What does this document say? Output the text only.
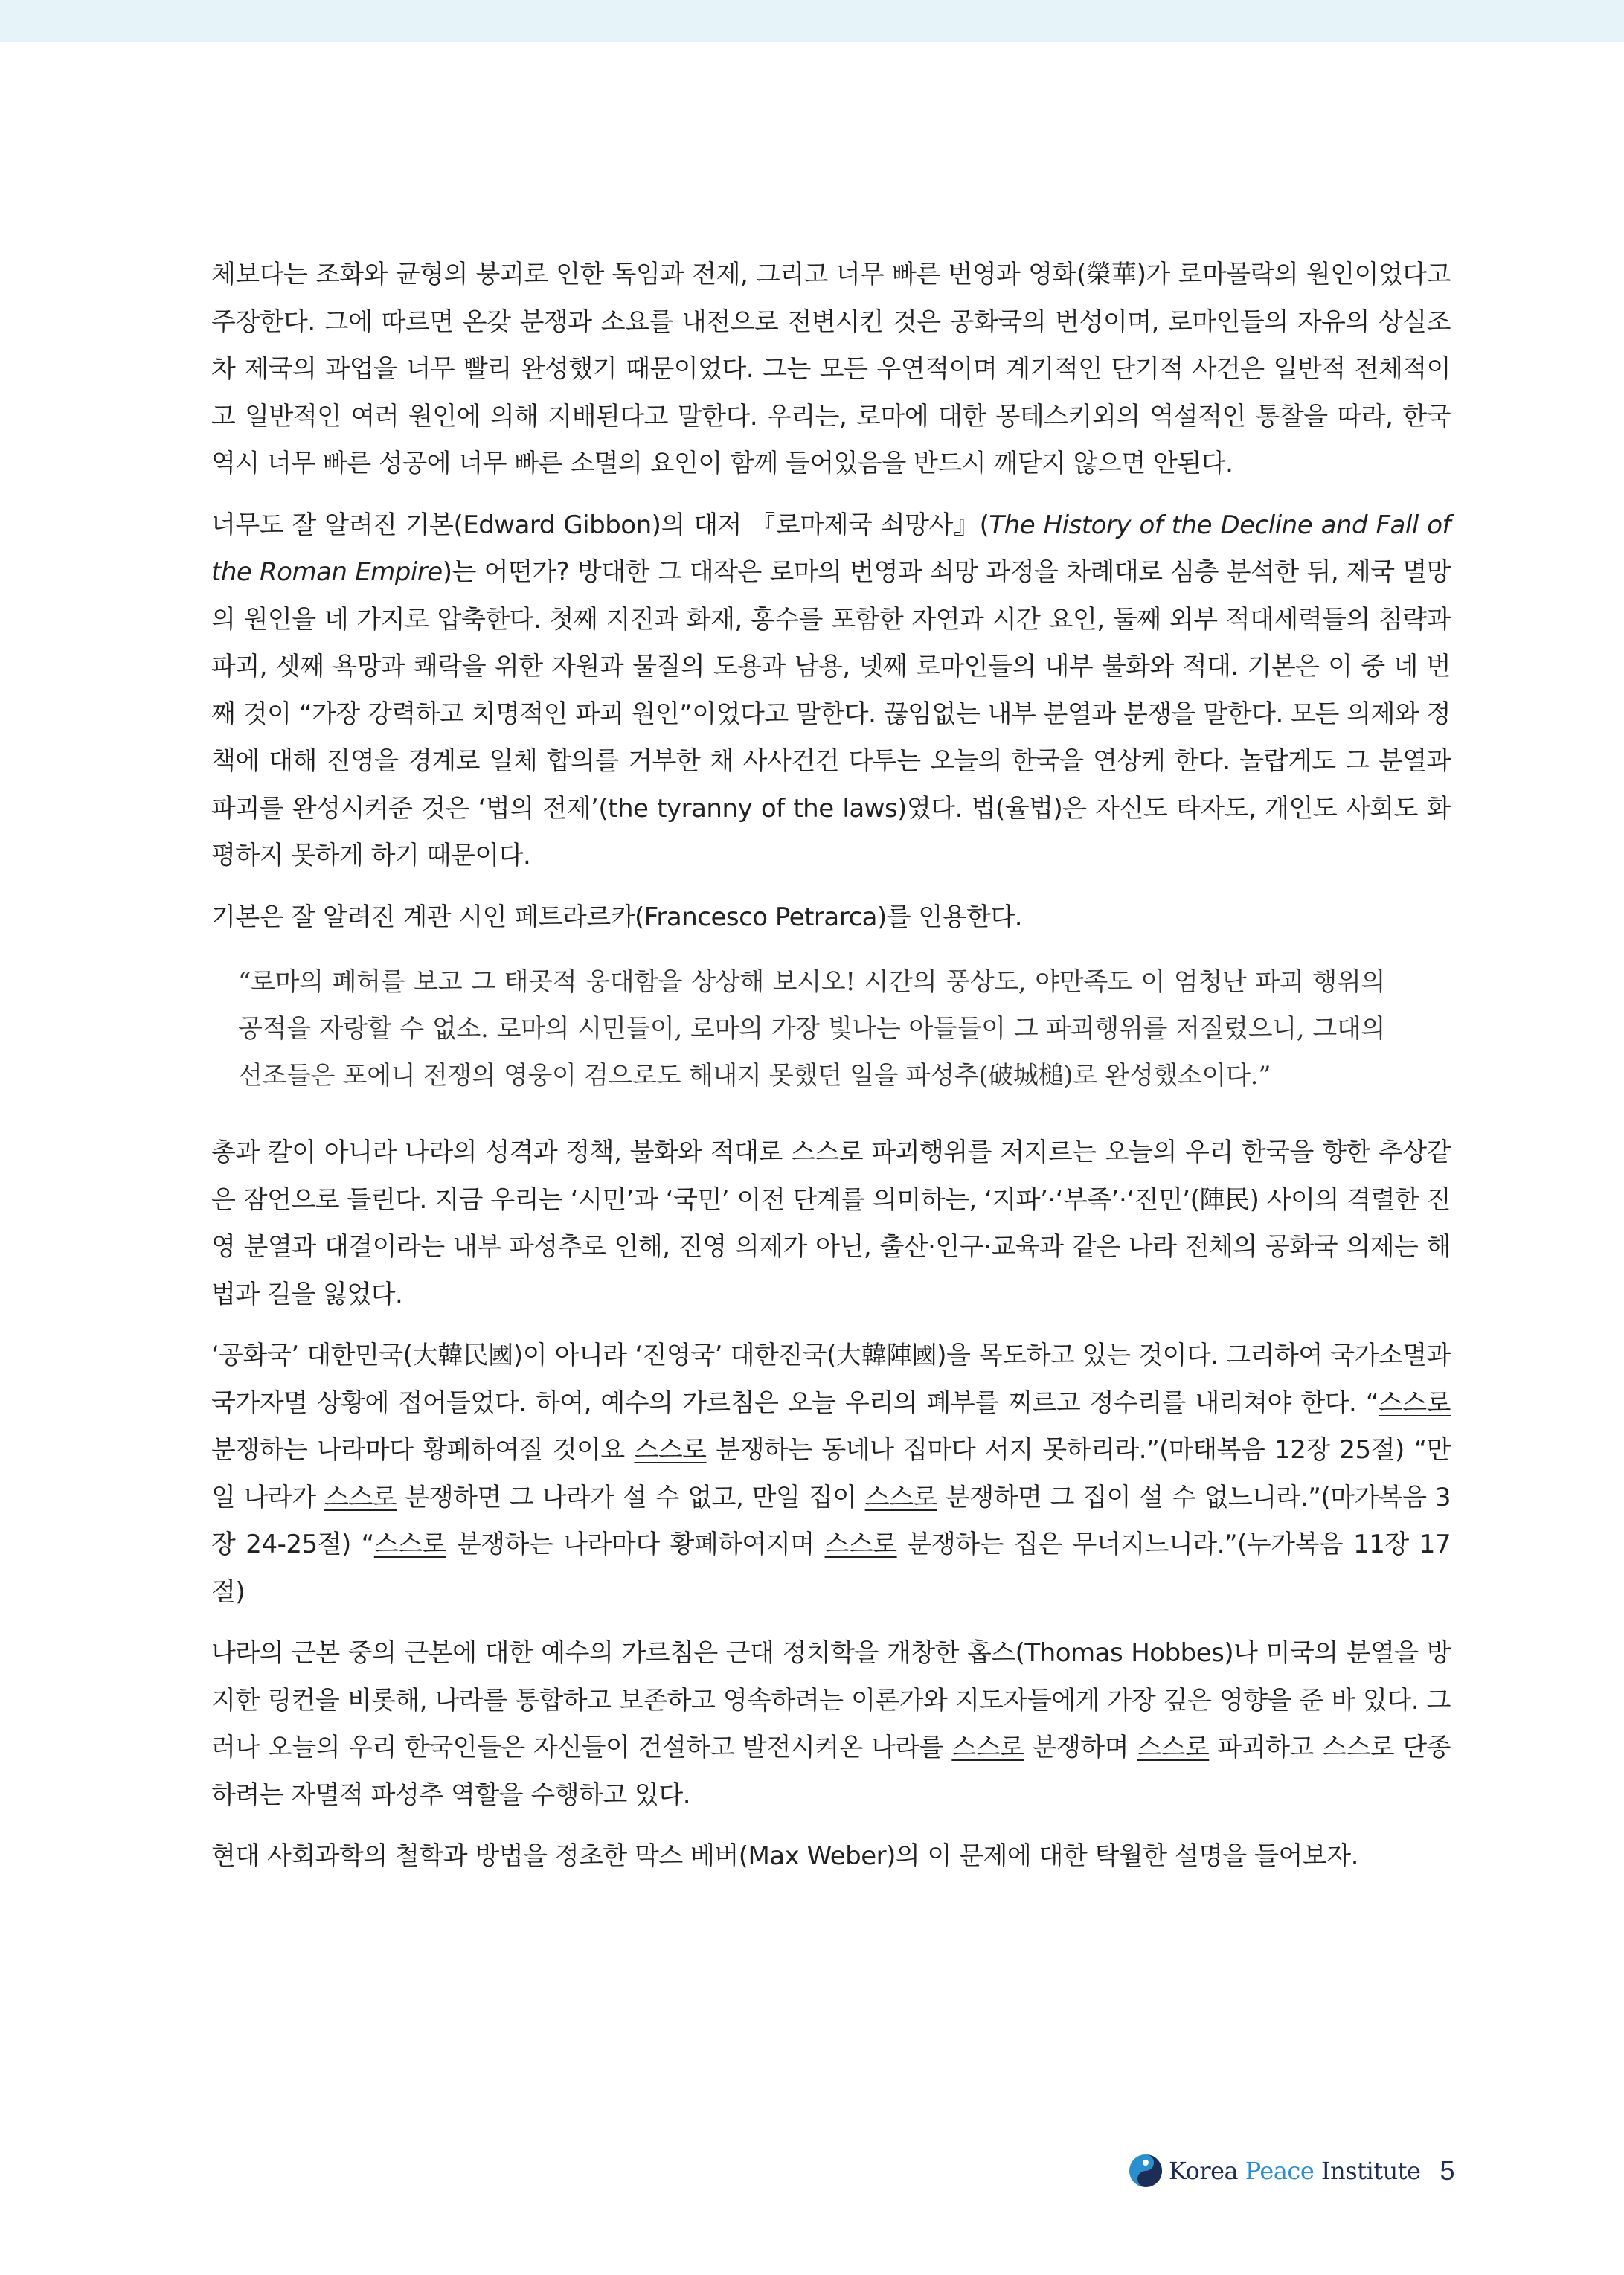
체보다는 조화와 균형의 붕괴로 인한 독임과 전제, 그리고 너무 빠른 번영과 영화(榮華)가 로마몰락의 원인이었다고 주장한다. 그에 따르면 온갖 분쟁과 소요를 내전으로 전변시킨 것은 공화국의 번성이며, 로마인들의 자유의 상실조차 제국의 과업을 너무 빨리 완성했기 때문이었다. 그는 모든 우연적이며 계기적인 단기적 사건은 일반적 전체적이고 일반적인 여러 원인에 의해 지배된다고 말한다. 우리는, 로마에 대한 몽테스키외의 역설적인 통찰을 따라, 한국 역시 너무 빠른 성공에 너무 빠른 소멸의 요인이 함께 들어있음을 반드시 깨닫지 않으면 안된다.

너무도 잘 알려진 기본(Edward Gibbon)의 대저 『로마제국 쇠망사』(The History of the Decline and Fall of the Roman Empire)는 어떤가? 방대한 그 대작은 로마의 번영과 쇠망 과정을 차례대로 심층 분석한 뒤, 제국 멸망의 원인을 네 가지로 압축한다. 첫째 지진과 화재, 홍수를 포함한 자연과 시간 요인, 둘째 외부 적대세력들의 침략과 파괴, 셋째 욕망과 쾌락을 위한 자원과 물질의 도용과 남용, 넷째 로마인들의 내부 불화와 적대. 기본은 이 중 네 번 째 것이 “가장 강력하고 치명적인 파괴 원인”이었다고 말한다. 끊임없는 내부 분열과 분쟁을 말한다. 모든 의제와 정책에 대해 진영을 경계로 일체 합의를 거부한 채 사사건건 다투는 오늘의 한국을 연상케 한다. 놀랍게도 그 분열과 파괴를 완성시켜준 것은 ‘법의 전제’(the tyranny of the laws)였다. 법(율법)은 자신도 타자도, 개인도 사회도 화평하지 못하게 하기 때문이다.

기본은 잘 알려진 계관 시인 페트라르카(Francesco Petrarca)를 인용한다.

“로마의 폐허를 보고 그 태곳적 웅대함을 상상해 보시오! 시간의 풍상도, 야만족도 이 엄청난 파괴 행위의 공적을 자랑할 수 없소. 로마의 시민들이, 로마의 가장 빛나는 아들들이 그 파괴행위를 저질렀으니, 그대의 선조들은 포에니 전쟁의 영웅이 검으로도 해내지 못했던 일을 파성추(破城槌)로 완성했소이다.”

총과 칼이 아니라 나라의 성격과 정책, 불화와 적대로 스스로 파괴행위를 저지르는 오늘의 우리 한국을 향한 추상같은 잠언으로 들린다. 지금 우리는 ‘시민’과 ‘국민’ 이전 단계를 의미하는, ‘지파’·‘부족’·‘진민’(陣民) 사이의 격렬한 진영 분열과 대결이라는 내부 파성추로 인해, 진영 의제가 아닌, 출산·인구·교육과 같은 나라 전체의 공화국 의제는 해법과 길을 잃었다.

‘공화국’ 대한민국(大韓民國)이 아니라 ‘진영국’ 대한진국(大韓陣國)을 목도하고 있는 것이다. 그리하여 국가소멸과 국가자멸 상황에 접어들었다. 하여, 예수의 가르침은 오늘 우리의 폐부를 찌르고 정수리를 내리쳐야 한다. “스스로 분쟁하는 나라마다 황폐하여질 것이요 스스로 분쟁하는 동네나 집마다 서지 못하리라.”(마태복음 12장 25절) “만일 나라가 스스로 분쟁하면 그 나라가 설 수 없고, 만일 집이 스스로 분쟁하면 그 집이 설 수 없느니라.”(마가복음 3장 24-25절) “스스로 분쟁하는 나라마다 황폐하여지며 스스로 분쟁하는 집은 무너지느니라.”(누가복음 11장 17절)

나라의 근본 중의 근본에 대한 예수의 가르침은 근대 정치학을 개창한 홉스(Thomas Hobbes)나 미국의 분열을 방지한 링컨을 비롯해, 나라를 통합하고 보존하고 영속하려는 이론가와 지도자들에게 가장 깊은 영향을 준 바 있다. 그러나 오늘의 우리 한국인들은 자신들이 건설하고 발전시켜온 나라를 스스로 분쟁하며 스스로 파괴하고 스스로 단종하려는 자멸적 파성추 역할을 수행하고 있다.

현대 사회과학의 철학과 방법을 정초한 막스 베버(Max Weber)의 이 문제에 대한 탁월한 설명을 들어보자.

Korea Peace Institute 5
